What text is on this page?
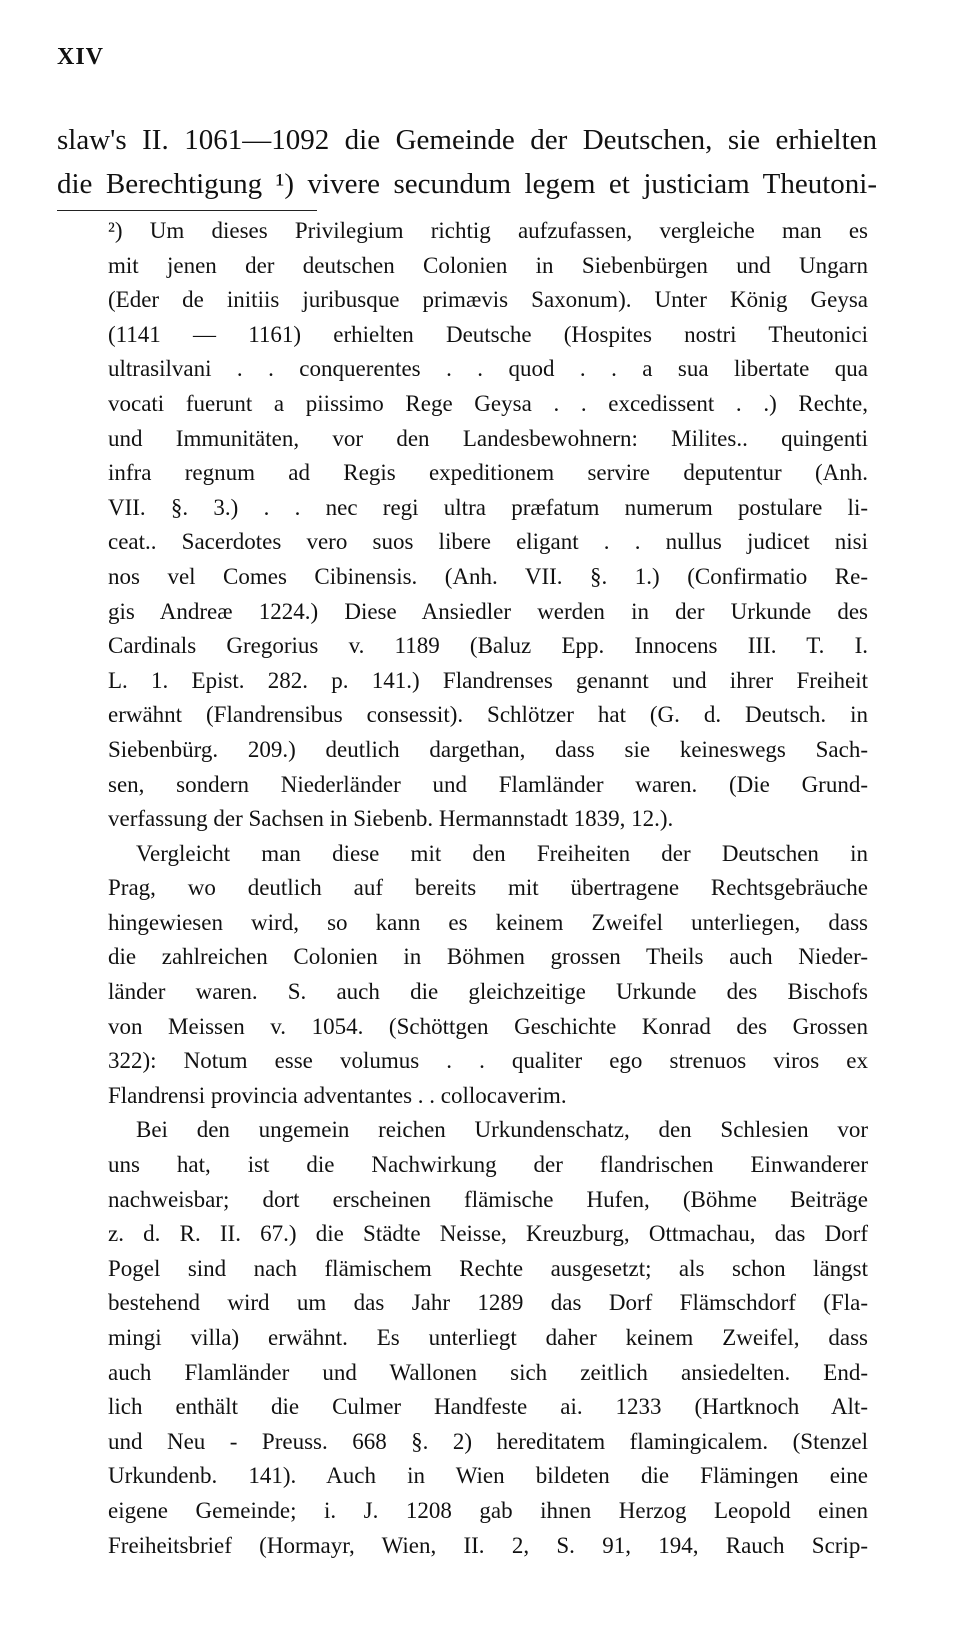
XIV
slaw's II. 1061—1092 die Gemeinde der Deutschen, sie erhielten
die Berechtigung ¹) vivere secundum legem et justiciam Theutoni-
²) Um dieses Privilegium richtig aufzufassen, vergleiche man es
mit jenen der deutschen Colonien in Siebenbürgen und Ungarn
(Eder de initiis juribusque primævis Saxonum). Unter König Geysa
(1141 — 1161) erhielten Deutsche (Hospites nostri Theutonici
ultrasilvani . . conquerentes . . quod . . a sua libertate qua
vocati fuerunt a piissimo Rege Geysa . . excedissent . .) Rechte,
und Immunitäten, vor den Landesbewohnern: Milites.. quingenti
infra regnum ad Regis expeditionem servire deputentur (Anh.
VII. §. 3.) . . nec regi ultra præfatum numerum postulare li-
ceat.. Sacerdotes vero suos libere eligant . . nullus judicet nisi
nos vel Comes Cibinensis. (Anh. VII. §. 1.) (Confirmatio Re-
gis Andreæ 1224.) Diese Ansiedler werden in der Urkunde des
Cardinals Gregorius v. 1189 (Baluz Epp. Innocens III. T. I.
L. 1. Epist. 282. p. 141.) Flandrenses genannt und ihrer Freiheit
erwähnt (Flandrensibus consessit). Schlötzer hat (G. d. Deutsch. in
Siebenbürg. 209.) deutlich dargethan, dass sie keineswegs Sach-
sen, sondern Niederländer und Flamländer waren. (Die Grund-
verfassung der Sachsen in Siebenb. Hermannstadt 1839, 12.).
Vergleicht man diese mit den Freiheiten der Deutschen in
Prag, wo deutlich auf bereits mit übertragene Rechtsgebräuche
hingewiesen wird, so kann es keinem Zweifel unterliegen, dass
die zahlreichen Colonien in Böhmen grossen Theils auch Nieder-
länder waren. S. auch die gleichzeitige Urkunde des Bischofs
von Meissen v. 1054. (Schöttgen Geschichte Konrad des Grossen
322): Notum esse volumus . . qualiter ego strenuos viros ex
Flandrensi provincia adventantes . . collocaverim.
Bei den ungemein reichen Urkundenschatz, den Schlesien vor
uns hat, ist die Nachwirkung der flandrischen Einwanderer
nachweisbar; dort erscheinen flämische Hufen, (Böhme Beiträge
z. d. R. II. 67.) die Städte Neisse, Kreuzburg, Ottmachau, das Dorf
Pogel sind nach flämischem Rechte ausgesetzt; als schon längst
bestehend wird um das Jahr 1289 das Dorf Flämschdorf (Fla-
mingi villa) erwähnt. Es unterliegt daher keinem Zweifel, dass
auch Flamländer und Wallonen sich zeitlich ansiedelten. End-
lich enthält die Culmer Handfeste ai. 1233 (Hartknoch Alt-
und Neu - Preuss. 668 §. 2) hereditatem flamingicalem. (Stenzel
Urkundenb. 141). Auch in Wien bildeten die Flämingen eine
eigene Gemeinde; i. J. 1208 gab ihnen Herzog Leopold einen
Freiheitsbrief (Hormayr, Wien, II. 2, S. 91, 194, Rauch Scrip-
